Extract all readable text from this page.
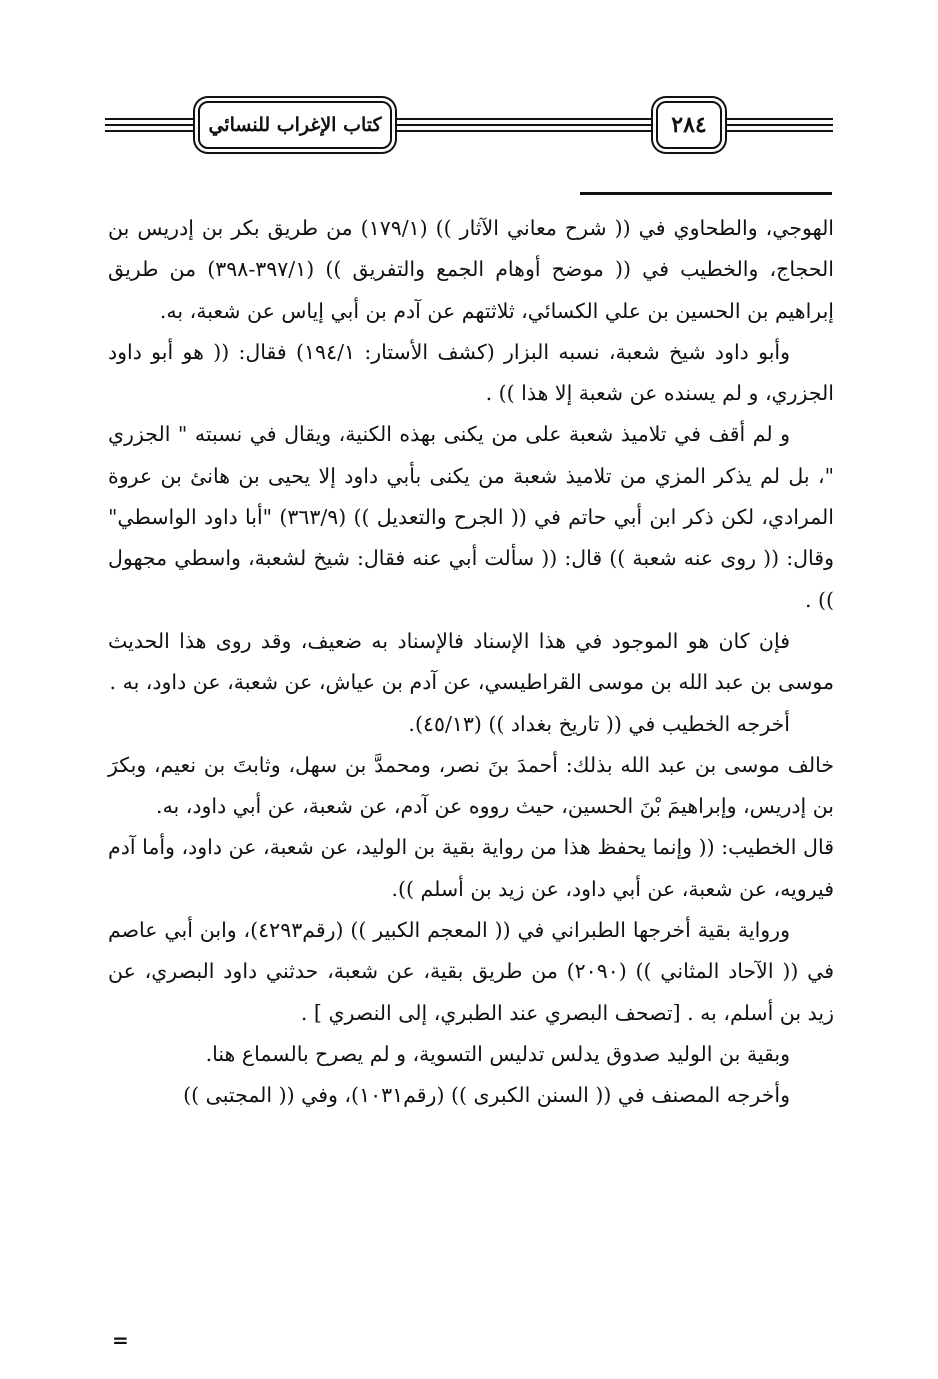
كتاب الإغراب للنسائي	٢٨٤

الهوجي، والطحاوي في (( شرح معاني الآثار )) (١٧٩/١) من طريق بكر بن إدريس بن الحجاج، والخطيب في (( موضح أوهام الجمع والتفريق )) (٣٩٧/١-٣٩٨) من طريق إبراهيم بن الحسين بن علي الكسائي، ثلاثتهم عن آدم بن أبي إياس عن شعبة، به.

وأبو داود شيخ شعبة، نسبه البزار (كشف الأستار: ١٩٤/١) فقال: (( هو أبو داود الجزري، و لم يسنده عن شعبة إلا هذا )) .

و لم أقف في تلاميذ شعبة على من يكنى بهذه الكنية، ويقال في نسبته " الجزري "، بل لم يذكر المزي من تلاميذ شعبة من يكنى بأبي داود إلا يحيى بن هانئ بن عروة المرادي، لكن ذكر ابن أبي حاتم في (( الجرح والتعديل )) (٣٦٣/٩) "أبا داود الواسطي" وقال: (( روى عنه شعبة )) قال: (( سألت أبي عنه فقال: شيخ لشعبة، واسطي مجهول )) .

فإن كان هو الموجود في هذا الإسناد فالإسناد به ضعيف، وقد روى هذا الحديث موسى بن عبد الله بن موسى القراطيسي، عن آدم بن عياش، عن شعبة، عن داود، به .

أخرجه الخطيب في (( تاريخ بغداد )) (٤٥/١٣).

خالف موسى بن عبد الله بذلك: أحمدَ بنَ نصر، ومحمدَّ بن سهل، وثابتَ بن نعيم، وبكرَ بن إدريس، وإبراهيمَ بْنَ الحسين، حيث رووه عن آدم، عن شعبة، عن أبي داود، به.

قال الخطيب: (( وإنما يحفظ هذا من رواية بقية بن الوليد، عن شعبة، عن داود، وأما آدم فيرويه، عن شعبة، عن أبي داود، عن زيد بن أسلم )).

ورواية بقية أخرجها الطبراني في (( المعجم الكبير )) (رقم٤٢٩٣)، وابن أبي عاصم في (( الآحاد المثاني )) (٢٠٩٠) من طريق بقية، عن شعبة، حدثني داود البصري، عن زيد بن أسلم، به . [تصحف البصري عند الطبري، إلى النصري ] .

وبقية بن الوليد صدوق يدلس تدليس التسوية، و لم يصرح بالسماع هنا.

وأخرجه المصنف في (( السنن الكبرى )) (رقم١٠٣١)، وفي (( المجتبى ))

=
